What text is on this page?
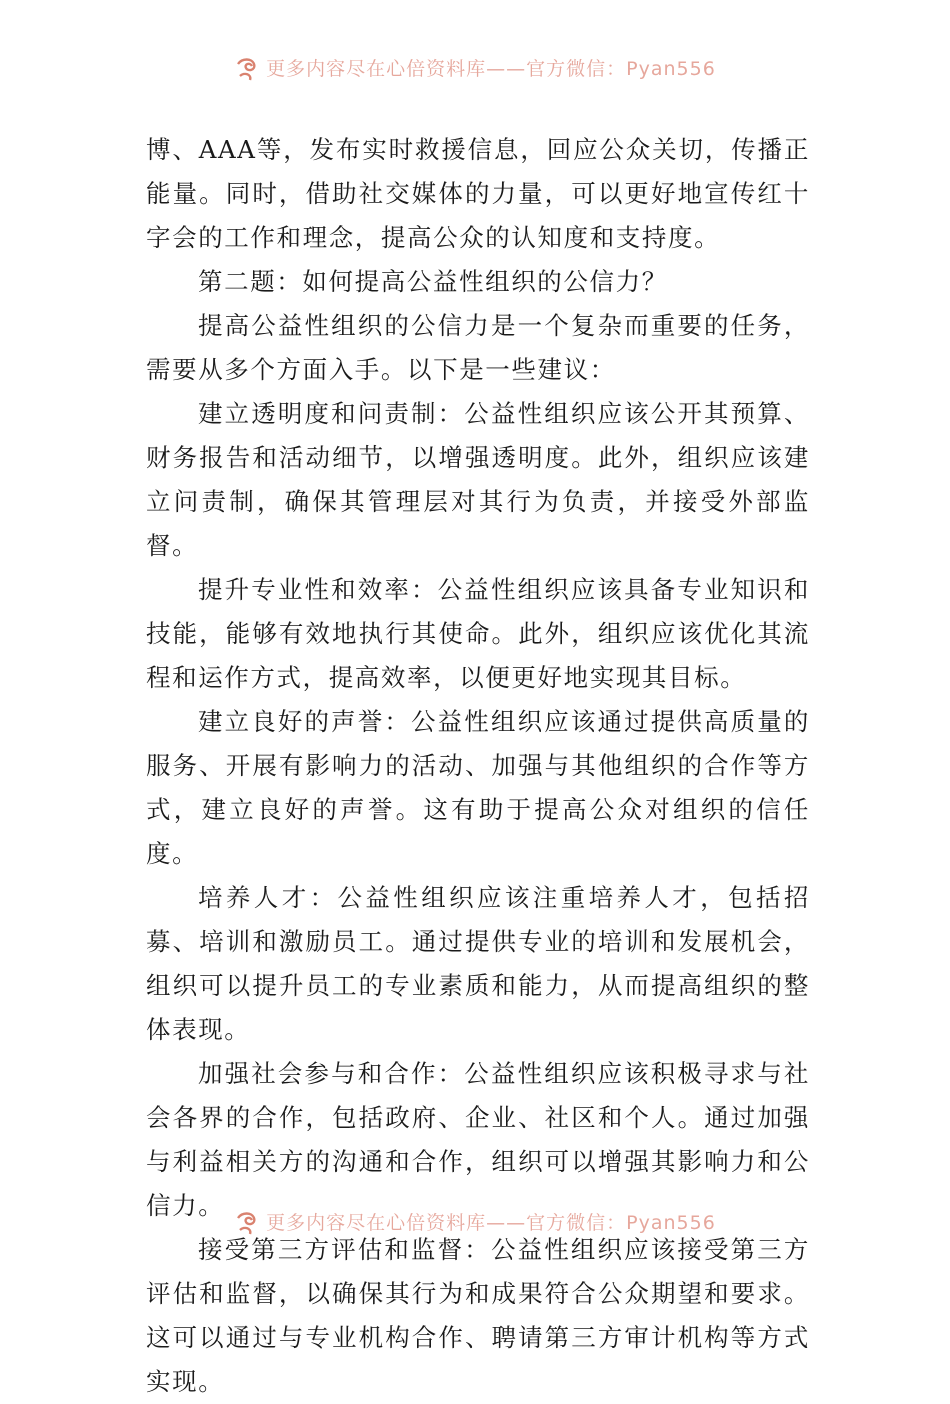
更多内容尽在心倍资料库——官方微信：Pyan556

博、AAA等，发布实时救援信息，回应公众关切，传播正能量。同时，借助社交媒体的力量，可以更好地宣传红十字会的工作和理念，提高公众的认知度和支持度。

第二题：如何提高公益性组织的公信力？

提高公益性组织的公信力是一个复杂而重要的任务，需要从多个方面入手。以下是一些建议：

建立透明度和问责制：公益性组织应该公开其预算、财务报告和活动细节，以增强透明度。此外，组织应该建立问责制，确保其管理层对其行为负责，并接受外部监督。

提升专业性和效率：公益性组织应该具备专业知识和技能，能够有效地执行其使命。此外，组织应该优化其流程和运作方式，提高效率，以便更好地实现其目标。

建立良好的声誉：公益性组织应该通过提供高质量的服务、开展有影响力的活动、加强与其他组织的合作等方式，建立良好的声誉。这有助于提高公众对组织的信任度。

培养人才：公益性组织应该注重培养人才，包括招募、培训和激励员工。通过提供专业的培训和发展机会，组织可以提升员工的专业素质和能力，从而提高组织的整体表现。

加强社会参与和合作：公益性组织应该积极寻求与社会各界的合作，包括政府、企业、社区和个人。通过加强与利益相关方的沟通和合作，组织可以增强其影响力和公信力。

接受第三方评估和监督：公益性组织应该接受第三方评估和监督，以确保其行为和成果符合公众期望和要求。这可以通过与专业机构合作、聘请第三方审计机构等方式实现。

更多内容尽在心倍资料库——官方微信：Pyan556
